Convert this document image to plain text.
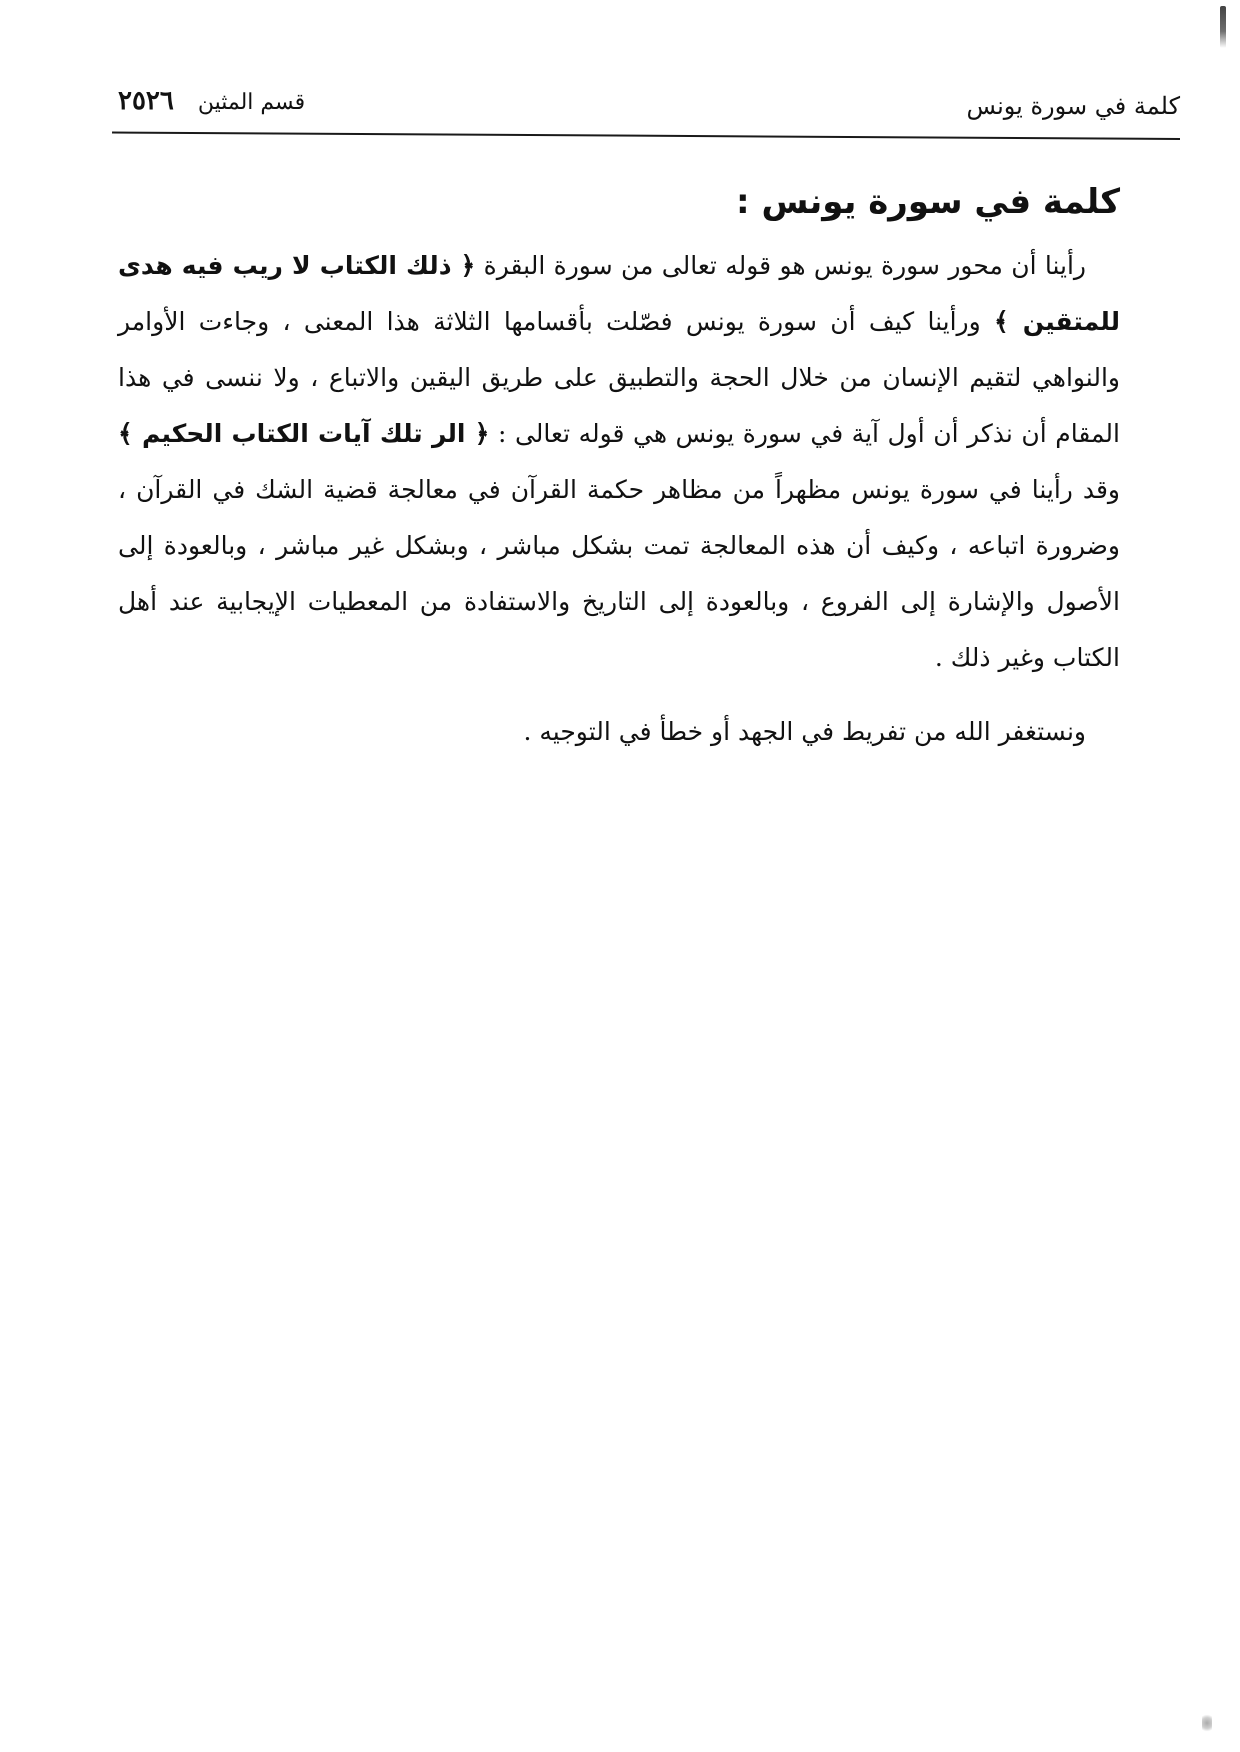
كلمة في سورة يونس
قسم المثين
٢٥٢٦
كلمة في سورة يونس :

رأينا أن محور سورة يونس هو قوله تعالى من سورة البقرة ﴿ ذلك الكتاب لا ريب فيه هدى للمتقين ﴾ ورأينا كيف أن سورة يونس فصّلت بأقسامها الثلاثة هذا المعنى ، وجاءت الأوامر والنواهي لتقيم الإنسان من خلال الحجة والتطبيق على طريق اليقين والاتباع ، ولا ننسى في هذا المقام أن نذكر أن أول آية في سورة يونس هي قوله تعالى : ﴿ الر تلك آيات الكتاب الحكيم ﴾ وقد رأينا في سورة يونس مظهراً من مظاهر حكمة القرآن في معالجة قضية الشك في القرآن ، وضرورة اتباعه ، وكيف أن هذه المعالجة تمت بشكل مباشر ، وبشكل غير مباشر ، وبالعودة إلى الأصول والإشارة إلى الفروع ، وبالعودة إلى التاريخ والاستفادة من المعطيات الإيجابية عند أهل الكتاب وغير ذلك .

ونستغفر الله من تفريط في الجهد أو خطأ في التوجيه .
